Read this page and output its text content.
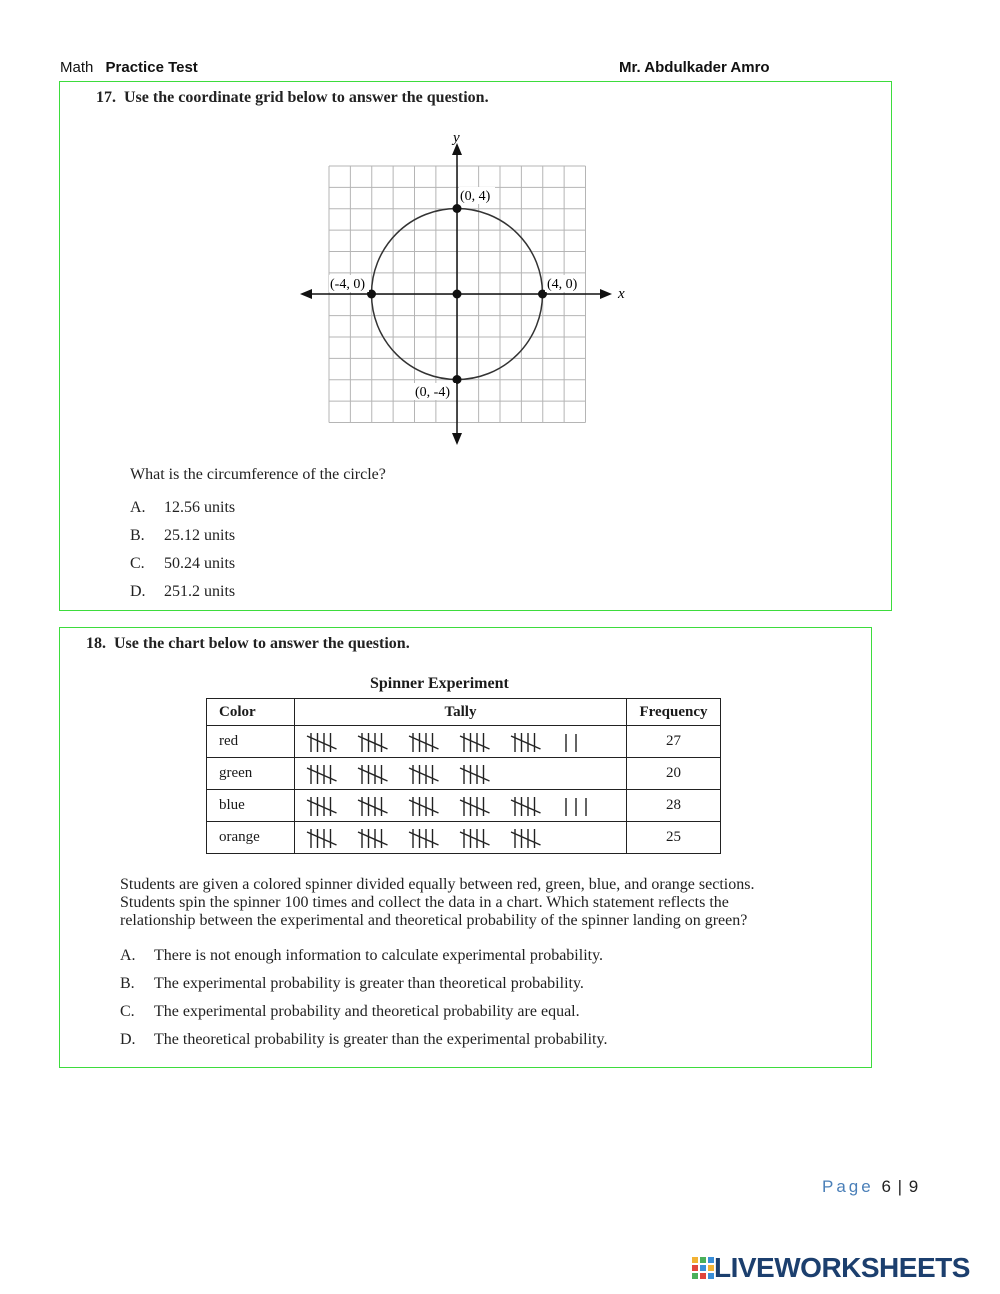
Math Practice Test	Mr. Abdulkader Amro
17. Use the coordinate grid below to answer the question.
y
x
(0, 4)
(-4, 0)	(4, 0)
(0, -4)
What is the circumference of the circle?
A.	12.56 units
B.	25.12 units
C.	50.24 units
D.	251.2 units
18. Use the chart below to answer the question.
Spinner Experiment
Color	Tally	Frequency
red		27
green		20
blue		28
orange		25
Students are given a colored spinner divided equally between red, green, blue, and orange sections.
Students spin the spinner 100 times and collect the data in a chart. Which statement reflects the
relationship between the experimental and theoretical probability of the spinner landing on green?
A.	There is not enough information to calculate experimental probability.
B.	The experimental probability is greater than theoretical probability.
C.	The experimental probability and theoretical probability are equal.
D.	The theoretical probability is greater than the experimental probability.
Page 6 | 9
LIVEWORKSHEETS
